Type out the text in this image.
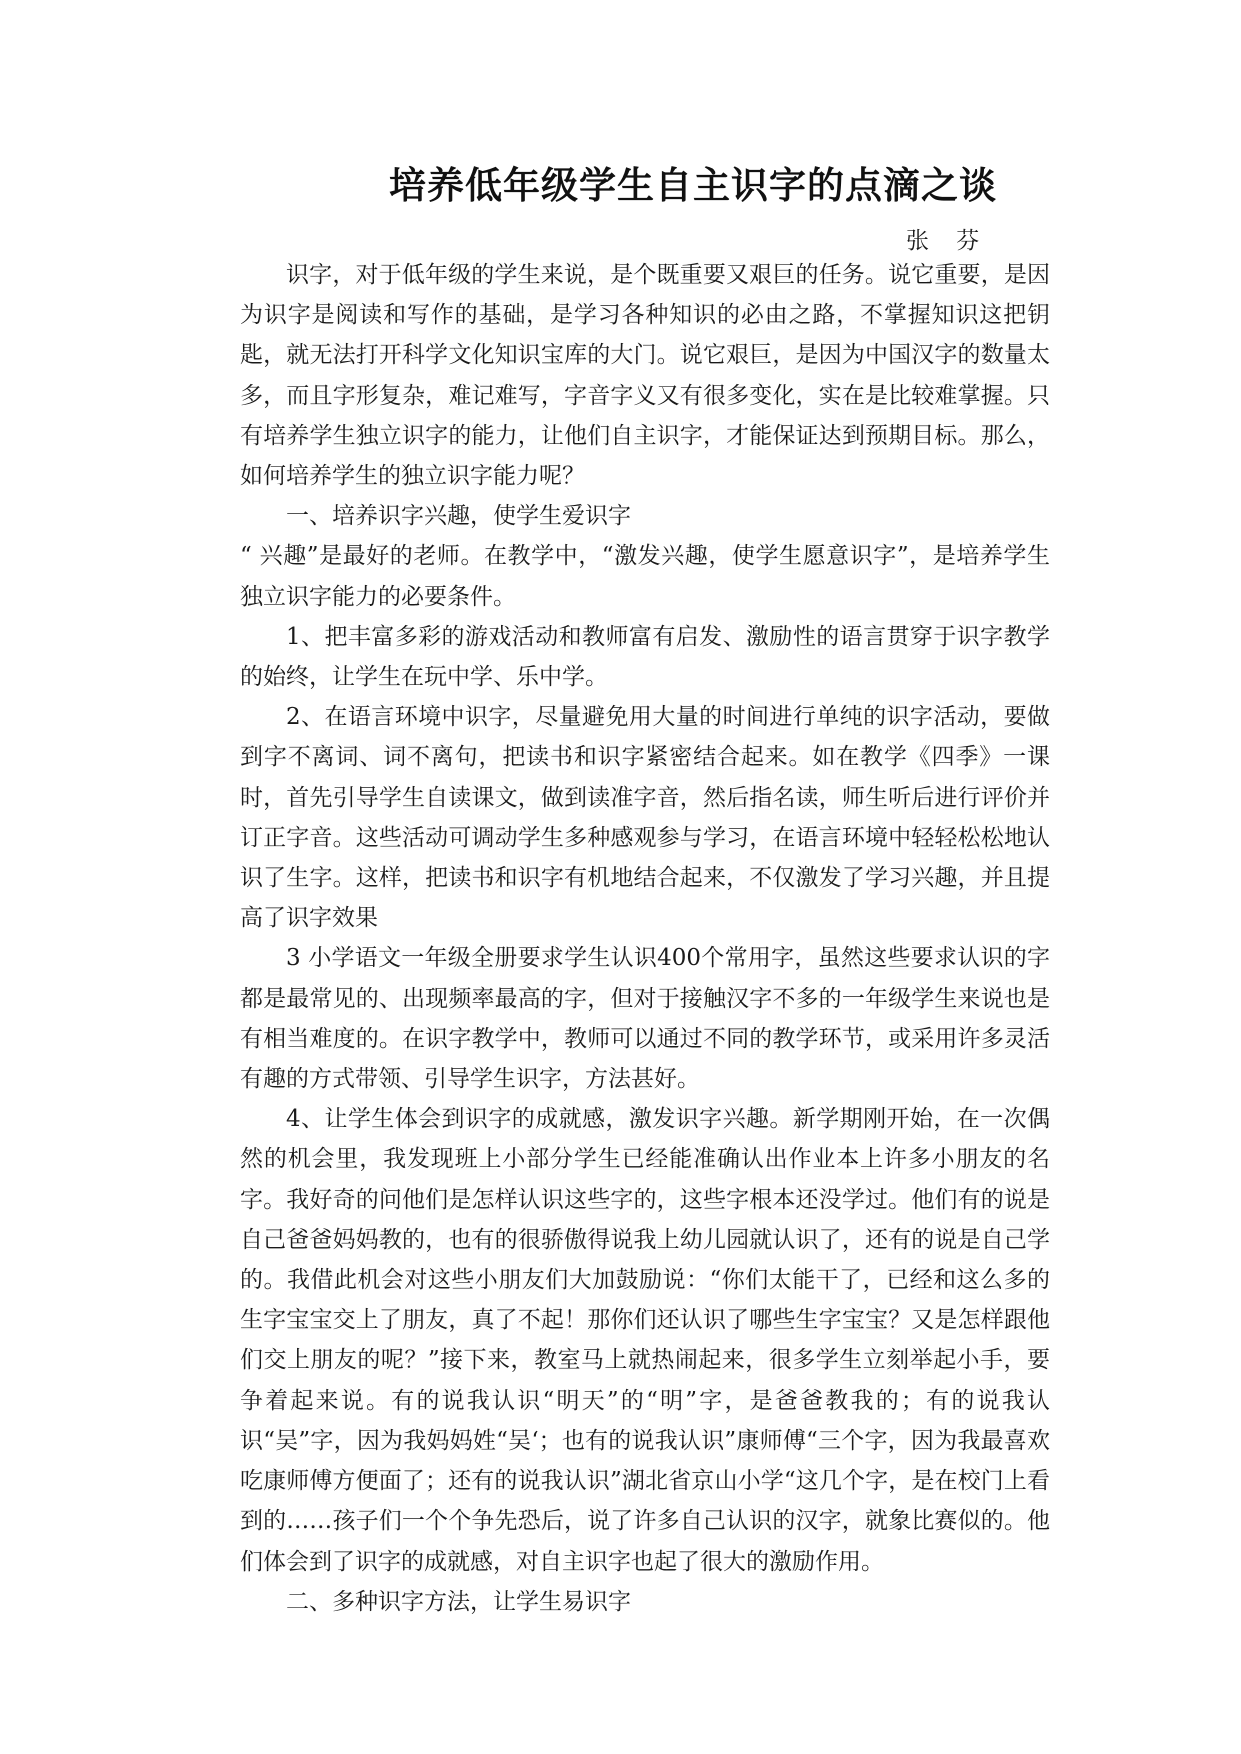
培养低年级学生自主识字的点滴之谈
张 芬

识字，对于低年级的学生来说，是个既重要又艰巨的任务。说它重要，是因为识字是阅读和写作的基础，是学习各种知识的必由之路，不掌握知识这把钥匙，就无法打开科学文化知识宝库的大门。说它艰巨，是因为中国汉字的数量太多，而且字形复杂，难记难写，字音字义又有很多变化，实在是比较难掌握。只有培养学生独立识字的能力，让他们自主识字，才能保证达到预期目标。那么，如何培养学生的独立识字能力呢？

一、培养识字兴趣，使学生爱识字

“ 兴趣”是最好的老师。在教学中，“激发兴趣，使学生愿意识字”，是培养学生独立识字能力的必要条件。

1、把丰富多彩的游戏活动和教师富有启发、激励性的语言贯穿于识字教学的始终，让学生在玩中学、乐中学。

2、在语言环境中识字，尽量避免用大量的时间进行单纯的识字活动，要做到字不离词、词不离句，把读书和识字紧密结合起来。如在教学《四季》一课时，首先引导学生自读课文，做到读准字音，然后指名读，师生听后进行评价并订正字音。这些活动可调动学生多种感观参与学习，在语言环境中轻轻松松地认识了生字。这样，把读书和识字有机地结合起来，不仅激发了学习兴趣，并且提高了识字效果

3 小学语文一年级全册要求学生认识400个常用字，虽然这些要求认识的字都是最常见的、出现频率最高的字，但对于接触汉字不多的一年级学生来说也是有相当难度的。在识字教学中，教师可以通过不同的教学环节，或采用许多灵活有趣的方式带领、引导学生识字，方法甚好。

4、让学生体会到识字的成就感，激发识字兴趣。新学期刚开始，在一次偶然的机会里，我发现班上小部分学生已经能准确认出作业本上许多小朋友的名字。我好奇的问他们是怎样认识这些字的，这些字根本还没学过。他们有的说是自己爸爸妈妈教的，也有的很骄傲得说我上幼儿园就认识了，还有的说是自己学的。我借此机会对这些小朋友们大加鼓励说：“你们太能干了，已经和这么多的生字宝宝交上了朋友，真了不起！那你们还认识了哪些生字宝宝？又是怎样跟他们交上朋友的呢？”接下来，教室马上就热闹起来，很多学生立刻举起小手，要争着起来说。有的说我认识“明天”的“明”字，是爸爸教我的；有的说我认识“吴”字，因为我妈妈姓“吴‘；也有的说我认识”康师傅“三个字，因为我最喜欢吃康师傅方便面了；还有的说我认识”湖北省京山小学“这几个字，是在校门上看到的……孩子们一个个争先恐后，说了许多自己认识的汉字，就象比赛似的。他们体会到了识字的成就感，对自主识字也起了很大的激励作用。

二、多种识字方法，让学生易识字
